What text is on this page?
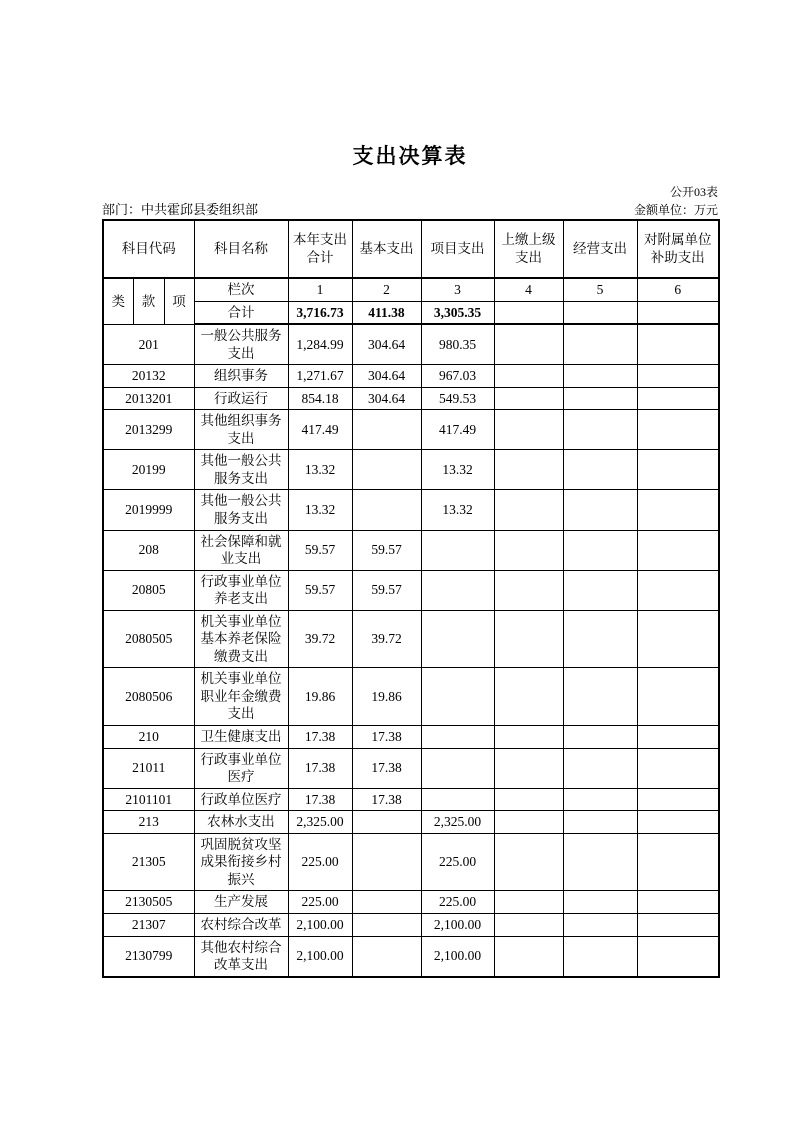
支出决算表
公开03表
部门：中共霍邱县委组织部	金额单位：万元
科目代码			科目名称	本年支出合计	基本支出	项目支出	上缴上级支出	经营支出	对附属单位补助支出
类	款	项	栏次	1	2	3	4	5	6
			合计	3,716.73	411.38	3,305.35			
201			一般公共服务支出	1,284.99	304.64	980.35			
20132			组织事务	1,271.67	304.64	967.03			
2013201			行政运行	854.18	304.64	549.53			
2013299			其他组织事务支出	417.49		417.49			
20199			其他一般公共服务支出	13.32		13.32			
2019999			其他一般公共服务支出	13.32		13.32			
208			社会保障和就业支出	59.57	59.57				
20805			行政事业单位养老支出	59.57	59.57				
2080505			机关事业单位基本养老保险缴费支出	39.72	39.72				
2080506			机关事业单位职业年金缴费支出	19.86	19.86				
210			卫生健康支出	17.38	17.38				
21011			行政事业单位医疗	17.38	17.38				
2101101			行政单位医疗	17.38	17.38				
213			农林水支出	2,325.00		2,325.00			
21305			巩固脱贫攻坚成果衔接乡村振兴	225.00		225.00			
2130505			生产发展	225.00		225.00			
21307			农村综合改革	2,100.00		2,100.00			
2130799			其他农村综合改革支出	2,100.00		2,100.00			
